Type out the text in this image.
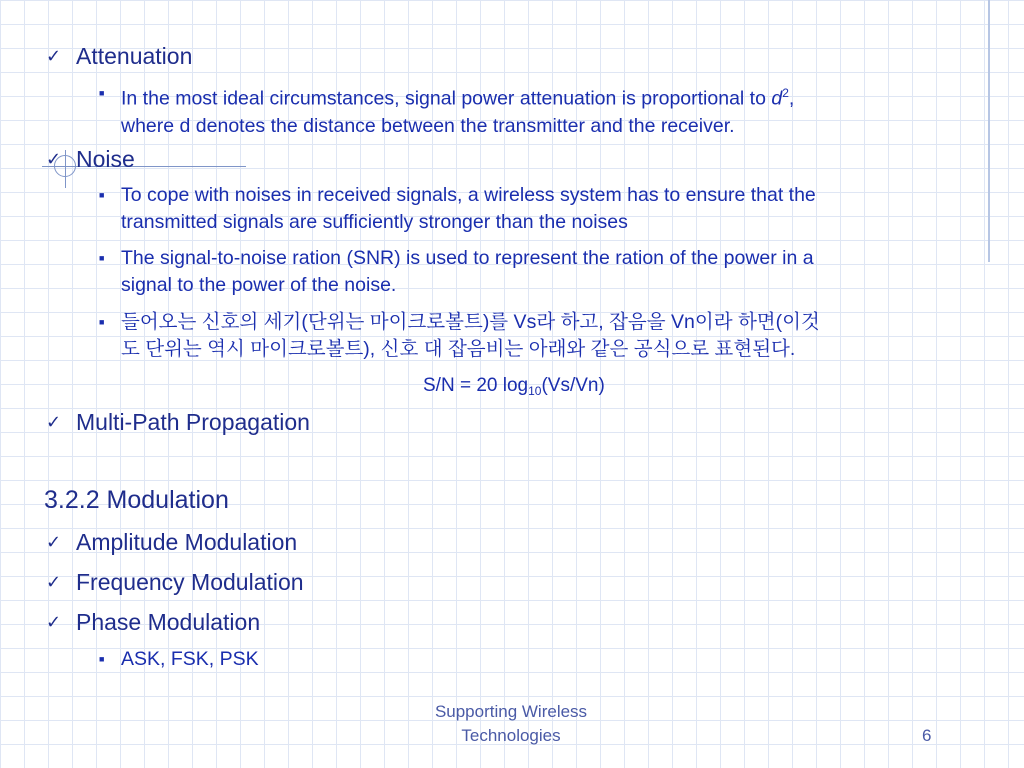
✓ Attenuation
■ In the most ideal circumstances, signal power attenuation is proportional to $d^2$,
where d denotes the distance between the transmitter and the receiver.
✓ Noise
■ To cope with noises in received signals, a wireless system has to ensure that the
transmitted signals are sufficiently stronger than the noises
■ The signal-to-noise ration (SNR) is used to represent the ration of the power in a
signal to the power of the noise.
■ 들어오는 신호의 세기(단위는 마이크로볼트)를 Vs라 하고, 잡음을 Vn이라 하면(이것
도 단위는 역시 마이크로볼트), 신호 대 잡음비는 아래와 같은 공식으로 표현된다.
S/N = 20 $\log_{10}(Vs/Vn)$
✓ Multi-Path Propagation
3.2.2 Modulation
✓ Amplitude Modulation
✓ Frequency Modulation
✓ Phase Modulation
■ ASK, FSK, PSK
Supporting Wireless
Technologies	6
